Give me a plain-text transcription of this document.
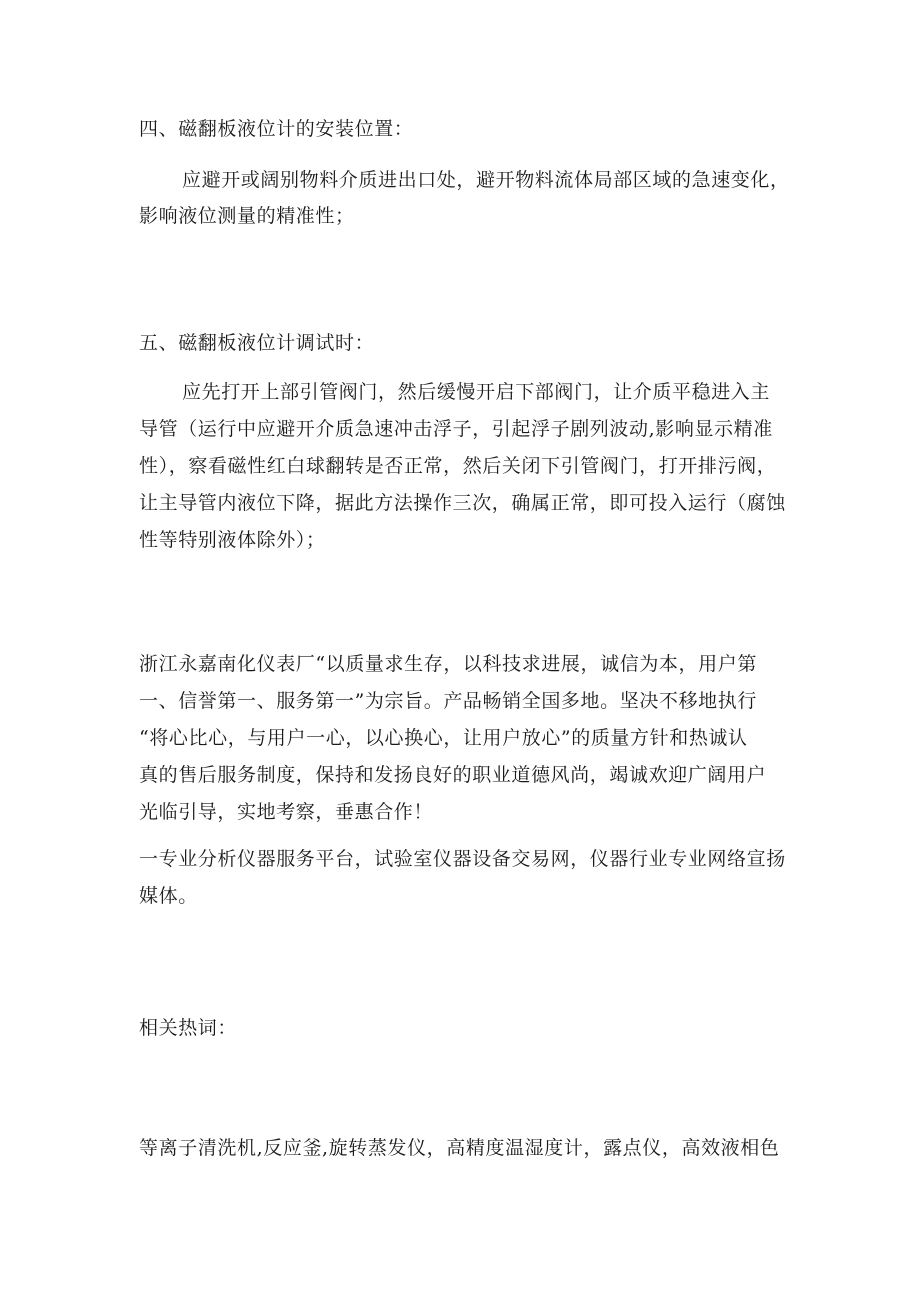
四、磁翻板液位计的安装位置：
应避开或阔别物料介质进出口处，避开物料流体局部区域的急速变化，
影响液位测量的精准性；
五、磁翻板液位计调试时：
应先打开上部引管阀门，然后缓慢开启下部阀门，让介质平稳进入主
导管（运行中应避开介质急速冲击浮子，引起浮子剧列波动,影响显示精准
性），察看磁性红白球翻转是否正常，然后关闭下引管阀门，打开排污阀，
让主导管内液位下降，据此方法操作三次，确属正常，即可投入运行（腐蚀
性等特别液体除外）；
浙江永嘉南化仪表厂“以质量求生存，以科技求进展，诚信为本，用户第
一、信誉第一、服务第一”为宗旨。产品畅销全国多地。坚决不移地执行
“将心比心，与用户一心，以心换心，让用户放心”的质量方针和热诚认
真的售后服务制度，保持和发扬良好的职业道德风尚，竭诚欢迎广阔用户
光临引导，实地考察，垂惠合作！
一专业分析仪器服务平台，试验室仪器设备交易网，仪器行业专业网络宣扬
媒体。
相关热词：
等离子清洗机,反应釜,旋转蒸发仪，高精度温湿度计，露点仪，高效液相色
